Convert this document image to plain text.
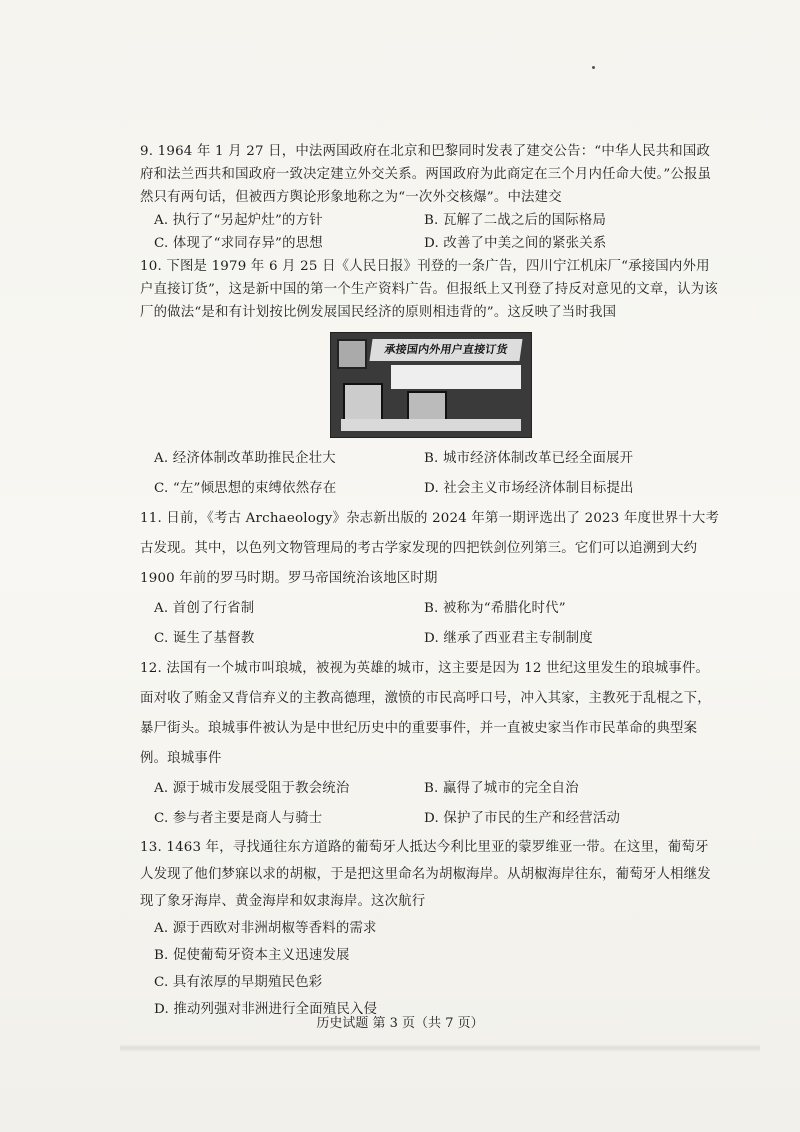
9. 1964 年 1 月 27 日，中法两国政府在北京和巴黎同时发表了建交公告：“中华人民共和国政府和法兰西共和国政府一致决定建立外交关系。两国政府为此商定在三个月内任命大使。”公报虽然只有两句话，但被西方舆论形象地称之为“一次外交核爆”。中法建交
A. 执行了“另起炉灶”的方针	B. 瓦解了二战之后的国际格局
C. 体现了“求同存异”的思想	D. 改善了中美之间的紧张关系
10. 下图是 1979 年 6 月 25 日《人民日报》刊登的一条广告，四川宁江机床厂“承接国内外用户直接订货”，这是新中国的第一个生产资料广告。但报纸上又刊登了持反对意见的文章，认为该厂的做法“是和有计划按比例发展国民经济的原则相违背的”。这反映了当时我国
承接国内外用户直接订货
A. 经济体制改革助推民企壮大	B. 城市经济体制改革已经全面展开
C. “左”倾思想的束缚依然存在	D. 社会主义市场经济体制目标提出
11. 日前，《考古 Archaeology》杂志新出版的 2024 年第一期评选出了 2023 年度世界十大考古发现。其中，以色列文物管理局的考古学家发现的四把铁剑位列第三。它们可以追溯到大约 1900 年前的罗马时期。罗马帝国统治该地区时期
A. 首创了行省制	B. 被称为“希腊化时代”
C. 诞生了基督教	D. 继承了西亚君主专制制度
12. 法国有一个城市叫琅城，被视为英雄的城市，这主要是因为 12 世纪这里发生的琅城事件。面对收了贿金又背信弃义的主教高德理，激愤的市民高呼口号，冲入其家，主教死于乱棍之下，暴尸街头。琅城事件被认为是中世纪历史中的重要事件，并一直被史家当作市民革命的典型案例。琅城事件
A. 源于城市发展受阻于教会统治	B. 赢得了城市的完全自治
C. 参与者主要是商人与骑士	D. 保护了市民的生产和经营活动
13. 1463 年，寻找通往东方道路的葡萄牙人抵达今利比里亚的蒙罗维亚一带。在这里，葡萄牙人发现了他们梦寐以求的胡椒，于是把这里命名为胡椒海岸。从胡椒海岸往东，葡萄牙人相继发现了象牙海岸、黄金海岸和奴隶海岸。这次航行
A. 源于西欧对非洲胡椒等香料的需求
B. 促使葡萄牙资本主义迅速发展
C. 具有浓厚的早期殖民色彩
D. 推动列强对非洲进行全面殖民入侵
历史试题 第 3 页（共 7 页）
